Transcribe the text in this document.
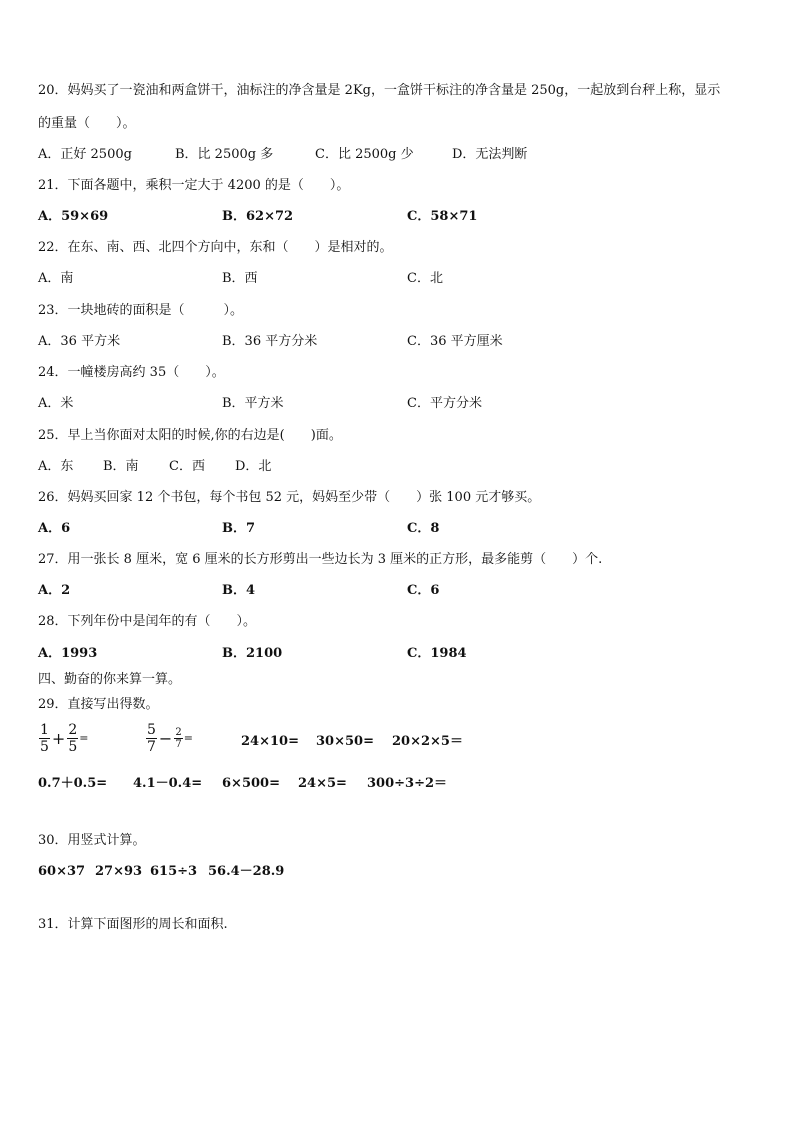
20．妈妈买了一瓷油和两盒饼干，油标注的净含量是 2Kg，一盒饼干标注的净含量是 250g，一起放到台秤上称，显示
的重量（　　）。
A．正好 2500g	B．比 2500g 多	C．比 2500g 少	D．无法判断
21．下面各题中，乘积一定大于 4200 的是（　　）。
A．59×69	B．62×72	C．58×71
22．在东、南、西、北四个方向中，东和（　　）是相对的。
A．南	B．西	C．北
23．一块地砖的面积是（　　　）。
A．36 平方米	B．36 平方分米	C．36 平方厘米
24．一幢楼房高约 35（　　）。
A．米	B．平方米	C．平方分米
25．早上当你面对太阳的时候,你的右边是(　　)面。
A．东 B．南 C．西 D．北
26．妈妈买回家 12 个书包，每个书包 52 元，妈妈至少带（　　）张 100 元才够买。
A．6	B．7	C．8
27．用一张长 8 厘米，宽 6 厘米的长方形剪出一些边长为 3 厘米的正方形，最多能剪（　　）个.
A．2	B．4	C．6
28．下列年份中是闰年的有（　　）。
A．1993	B．2100	C．1984
四、勤奋的你来算一算。
29．直接写出得数。
$\frac{1}{5} + \frac{2}{5}$ =	$\frac{5}{7} - \frac{2}{7}$ =	24×10= 30×50= 20×2×5＝
0.7＋0.5= 4.1－0.4= 6×500= 24×5= 300÷3÷2＝
30．用竖式计算。
60×37 27×93 615÷3 56.4－28.9
31．计算下面图形的周长和面积.
